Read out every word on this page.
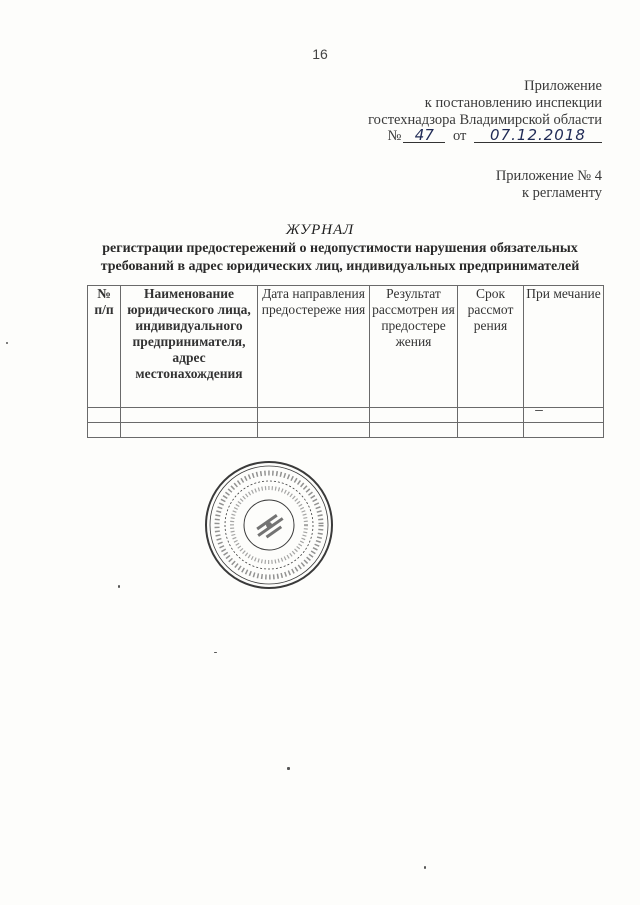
16
Приложение
к постановлению инспекции
гостехнадзора Владимирской области
№ 47 от 07.12.2018
Приложение № 4
к регламенту
ЖУРНАЛ
регистрации предостережений о недопустимости нарушения обязательных
требований в адрес юридических лиц, индивидуальных предпринимателей
№ п/п	Наименование юридического лица, индивидуального предпринимателя, адрес местонахождения	Дата направления предостереже ния	Результат рассмотрен ия предостере жения	Срок рассмот рения	При мечание
